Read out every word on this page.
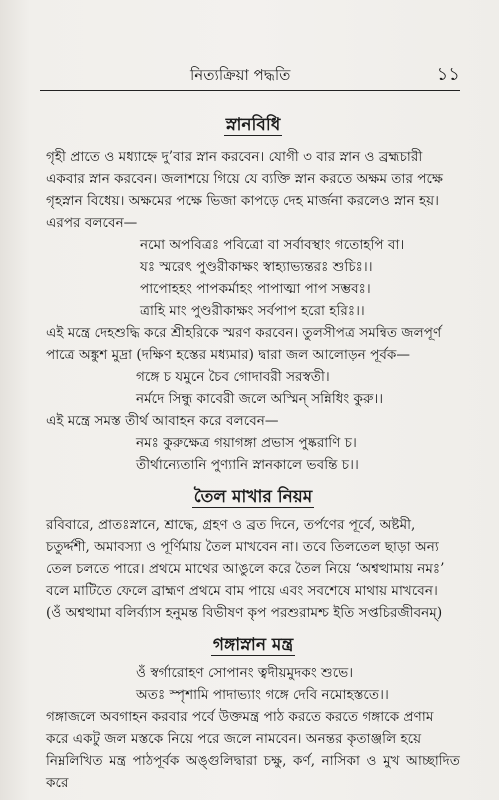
নিত্যক্রিয়া পদ্ধতি	১১
স্নানবিধি

গৃহী প্রাতে ও মধ্যাহ্নে দু’বার স্নান করবেন। যোগী ৩ বার স্নান ও ব্রহ্মচারী

একবার স্নান করবেন। জলাশয়ে গিয়ে যে ব্যক্তি স্নান করতে অক্ষম তার পক্ষে

গৃহস্নান বিধেয়। অক্ষমের পক্ষে ভিজা কাপড়ে দেহ মার্জনা করলেও স্নান হয়।

এরপর বলবেন—

নমো অপবিত্রঃ পবিত্রো বা সর্বাবস্থাং গতোহপি বা।

যঃ স্মরেৎ পুণ্ডরীকাক্ষং স্বাহ্যাভ্যন্তরঃ শুচিঃ।।

পাপোহহং পাপকর্মাহং পাপাত্মা পাপ সম্ভবঃ।

ত্রাহি মাং পুণ্ডরীকাক্ষং সর্বপাপ হরো হরিঃ।।

এই মন্ত্রে দেহশুদ্ধি করে শ্রীহরিকে স্মরণ করবেন। তুলসীপত্র সমন্বিত জলপূর্ণ

পাত্রে অঙ্কুশ মুদ্রা (দক্ষিণ হস্তের মধ্যমার) দ্বারা জল আলোড়ন পূর্বক—

গঙ্গে চ যমুনে চৈব গোদাবরী সরস্বতী।

নর্মদে সিন্ধু কাবেরী জলে অস্মিন্ সন্নিধিং কুরু।।

এই মন্ত্রে সমস্ত তীর্থ আবাহন করে বলবেন—

নমঃ কুরুক্ষেত্র গয়াগঙ্গা প্রভাস পুষ্করাণি চ।

তীর্থান্যেতানি পুণ্যানি স্নানকালে ভবন্তি চ।।

তৈল মাখার নিয়ম

রবিবারে, প্রাতঃস্নানে, শ্রাদ্ধে, গ্রহণ ও ব্রত দিনে, তর্পণের পূর্বে, অষ্টমী,

চতুর্দ্দশী, অমাবস্যা ও পূর্ণিমায় তৈল মাখবেন না। তবে তিলতেল ছাড়া অন্য

তেল চলতে পারে। প্রথমে মাথের আঙুলে করে তৈল নিয়ে ‘অশ্বত্থামায় নমঃ’

বলে মাটিতে ফেলে ব্রাহ্মণ প্রথমে বাম পায়ে এবং সবশেষে মাথায় মাখবেন।

(ওঁ অশ্বত্থামা বলির্ব্যাস হনুমন্ত বিভীষণ কৃপ পরশুরামশ্চ ইতি সপ্তচিরজীবনম্)

গঙ্গাস্নান মন্ত্র

ওঁ স্বর্গারোহণ সোপানং ত্বদীয়মুদকং শুভে।

অতঃ স্পৃশামি পাদাভ্যাং গঙ্গে দেবি নমোহস্ততে।।

গঙ্গাজলে অবগাহন করবার পর্বে উক্তমন্ত্র পাঠ করতে করতে গঙ্গাকে প্রণাম

করে একটু জল মস্তকে নিয়ে পরে জলে নামবেন। অনন্তর কৃতাঞ্জলি হয়ে

নিম্নলিখিত মন্ত্র পাঠপূর্বক অঙ্গুলিদ্বারা চক্ষু, কর্ণ, নাসিকা ও মুখ আচ্ছাদিত করে
